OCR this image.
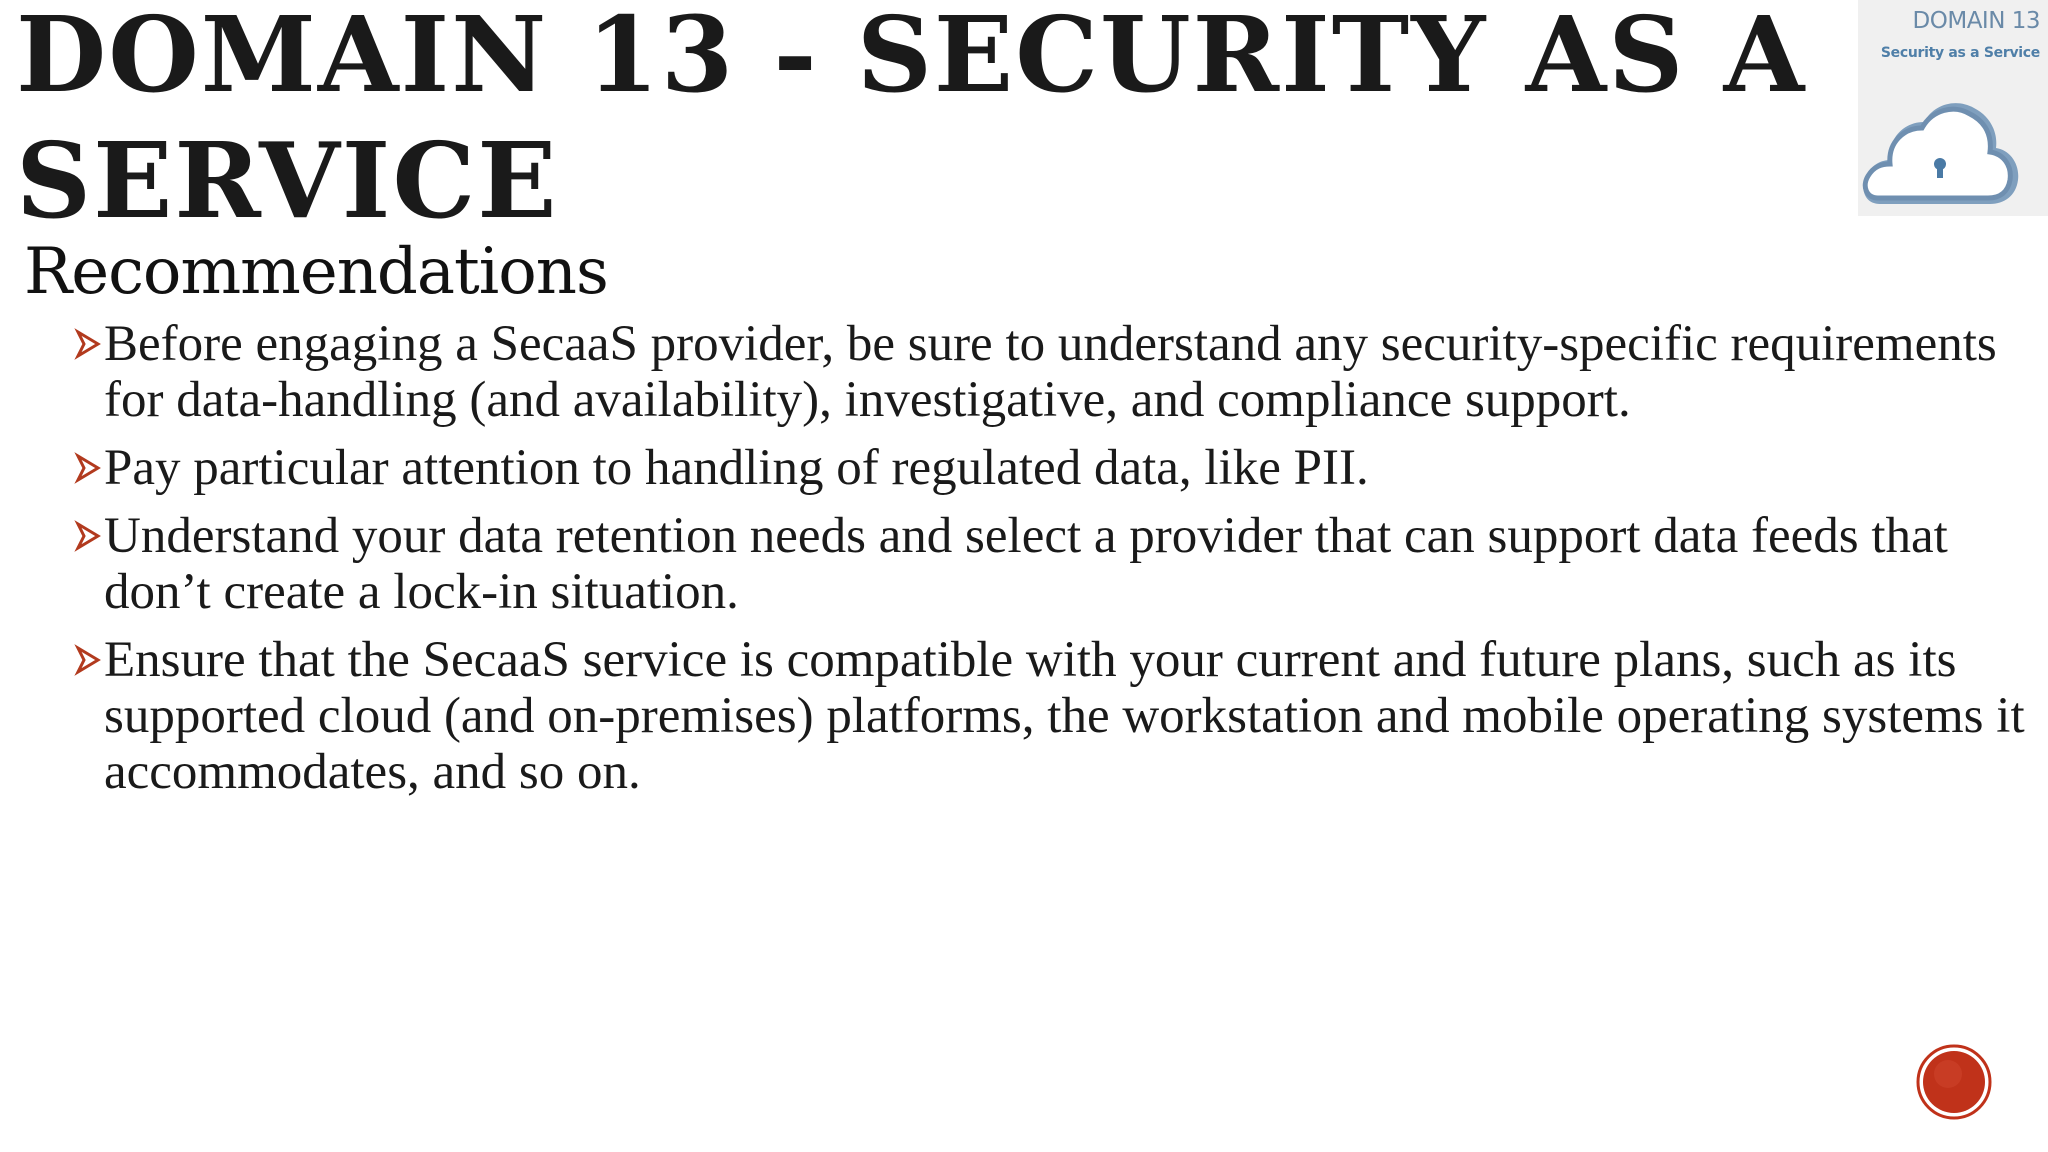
DOMAIN 13 - SECURITY AS A
SERVICE
Recommendations
Before engaging a SecaaS provider, be sure to understand any security-specific requirements for data-handling (and availability), investigative, and compliance support.
Pay particular attention to handling of regulated data, like PII.
Understand your data retention needs and select a provider that can support data feeds that don’t create a lock-in situation.
Ensure that the SecaaS service is compatible with your current and future plans, such as its supported cloud (and on-premises) platforms, the workstation and mobile operating systems it accommodates, and so on.
DOMAIN 13
Security as a Service
